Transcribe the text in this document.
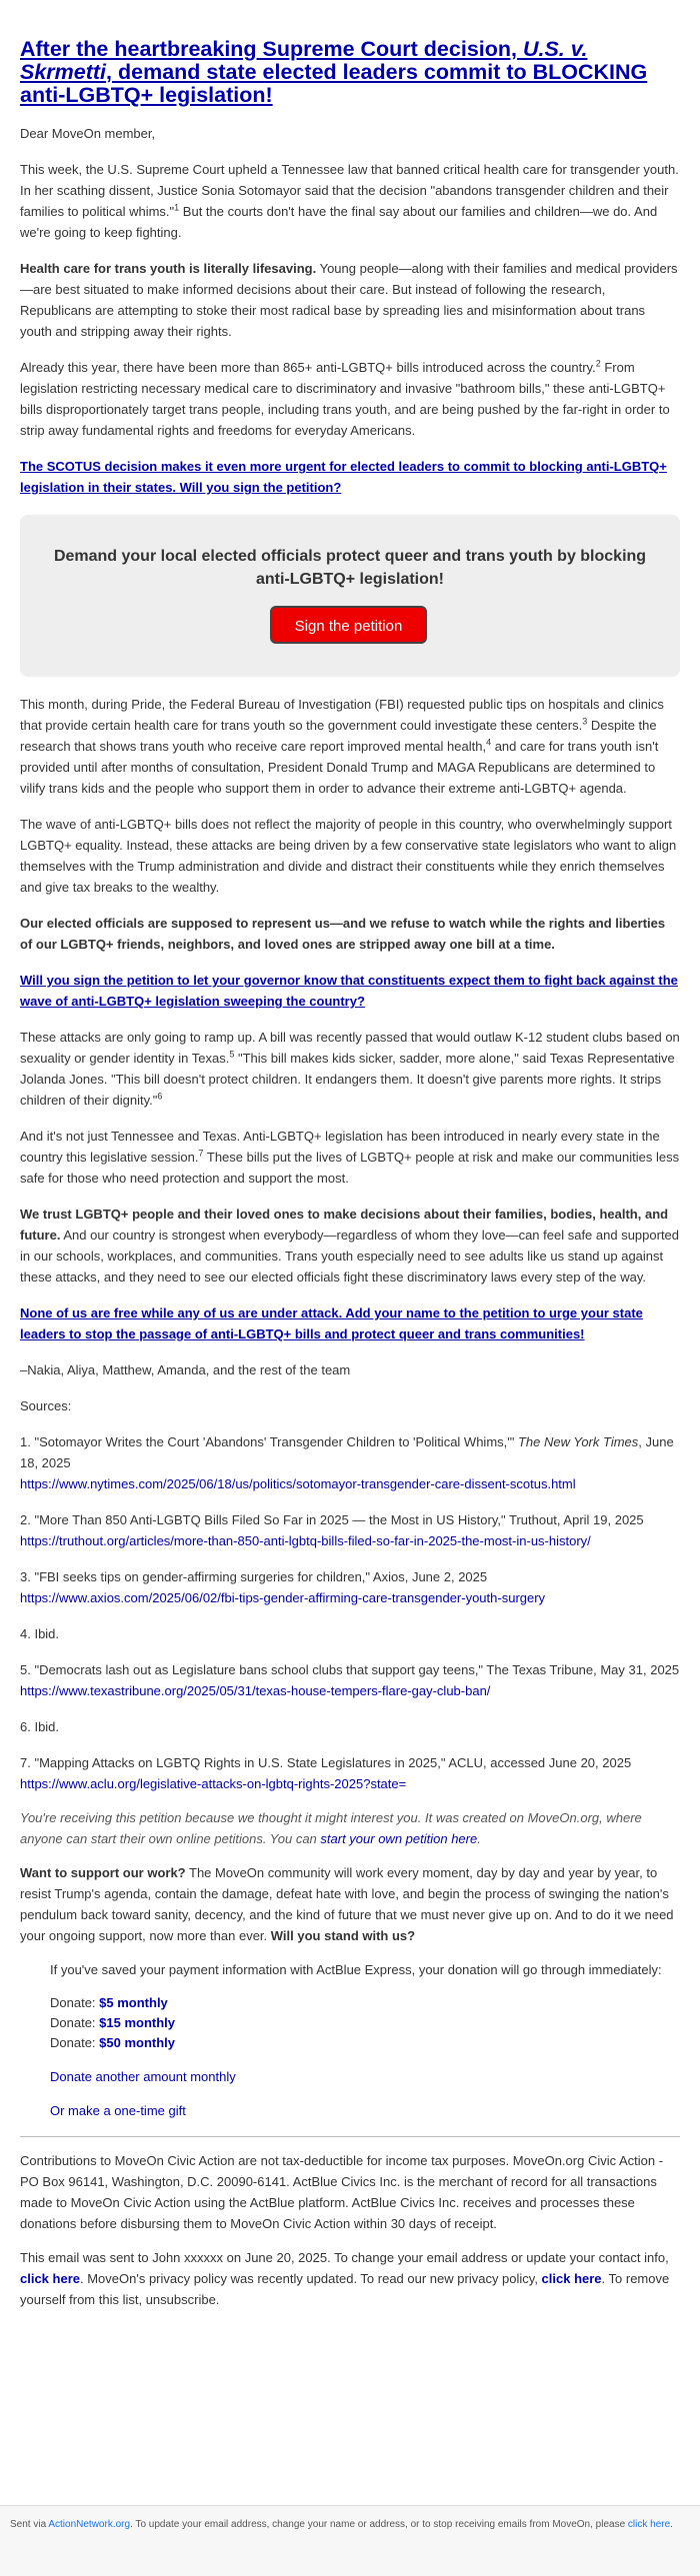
After the heartbreaking Supreme Court decision, U.S. v. Skrmetti, demand state elected leaders commit to BLOCKING anti-LGBTQ+ legislation!

Dear MoveOn member,

This week, the U.S. Supreme Court upheld a Tennessee law that banned critical health care for transgender youth. In her scathing dissent, Justice Sonia Sotomayor said that the decision "abandons transgender children and their families to political whims."$^1$ But the courts don't have the final say about our families and children—we do. And we're going to keep fighting.

Health care for trans youth is literally lifesaving. Young people—along with their families and medical providers—are best situated to make informed decisions about their care. But instead of following the research, Republicans are attempting to stoke their most radical base by spreading lies and misinformation about trans youth and stripping away their rights.

Already this year, there have been more than 865+ anti-LGBTQ+ bills introduced across the country.$^2$ From legislation restricting necessary medical care to discriminatory and invasive "bathroom bills," these anti-LGBTQ+ bills disproportionately target trans people, including trans youth, and are being pushed by the far-right in order to strip away fundamental rights and freedoms for everyday Americans.

The SCOTUS decision makes it even more urgent for elected leaders to commit to blocking anti-LGBTQ+ legislation in their states. Will you sign the petition?

Demand your local elected officials protect queer and trans youth by blocking anti-LGBTQ+ legislation!
Sign the petition

This month, during Pride, the Federal Bureau of Investigation (FBI) requested public tips on hospitals and clinics that provide certain health care for trans youth so the government could investigate these centers.$^3$ Despite the research that shows trans youth who receive care report improved mental health,$^4$ and care for trans youth isn't provided until after months of consultation, President Donald Trump and MAGA Republicans are determined to vilify trans kids and the people who support them in order to advance their extreme anti-LGBTQ+ agenda.

The wave of anti-LGBTQ+ bills does not reflect the majority of people in this country, who overwhelmingly support LGBTQ+ equality. Instead, these attacks are being driven by a few conservative state legislators who want to align themselves with the Trump administration and divide and distract their constituents while they enrich themselves and give tax breaks to the wealthy.

Our elected officials are supposed to represent us—and we refuse to watch while the rights and liberties of our LGBTQ+ friends, neighbors, and loved ones are stripped away one bill at a time.

Will you sign the petition to let your governor know that constituents expect them to fight back against the wave of anti-LGBTQ+ legislation sweeping the country?

These attacks are only going to ramp up. A bill was recently passed that would outlaw K-12 student clubs based on sexuality or gender identity in Texas.$^5$ "This bill makes kids sicker, sadder, more alone," said Texas Representative Jolanda Jones. "This bill doesn't protect children. It endangers them. It doesn't give parents more rights. It strips children of their dignity."$^6$

And it's not just Tennessee and Texas. Anti-LGBTQ+ legislation has been introduced in nearly every state in the country this legislative session.$^7$ These bills put the lives of LGBTQ+ people at risk and make our communities less safe for those who need protection and support the most.

We trust LGBTQ+ people and their loved ones to make decisions about their families, bodies, health, and future. And our country is strongest when everybody—regardless of whom they love—can feel safe and supported in our schools, workplaces, and communities. Trans youth especially need to see adults like us stand up against these attacks, and they need to see our elected officials fight these discriminatory laws every step of the way.

None of us are free while any of us are under attack. Add your name to the petition to urge your state leaders to stop the passage of anti-LGBTQ+ bills and protect queer and trans communities!

–Nakia, Aliya, Matthew, Amanda, and the rest of the team

Sources:

1. "Sotomayor Writes the Court 'Abandons' Transgender Children to 'Political Whims,'" The New York Times, June 18, 2025
https://www.nytimes.com/2025/06/18/us/politics/sotomayor-transgender-care-dissent-scotus.html

2. "More Than 850 Anti-LGBTQ Bills Filed So Far in 2025 — the Most in US History," Truthout, April 19, 2025
https://truthout.org/articles/more-than-850-anti-lgbtq-bills-filed-so-far-in-2025-the-most-in-us-history/

3. "FBI seeks tips on gender-affirming surgeries for children," Axios, June 2, 2025
https://www.axios.com/2025/06/02/fbi-tips-gender-affirming-care-transgender-youth-surgery

4. Ibid.

5. "Democrats lash out as Legislature bans school clubs that support gay teens," The Texas Tribune, May 31, 2025
https://www.texastribune.org/2025/05/31/texas-house-tempers-flare-gay-club-ban/

6. Ibid.

7. "Mapping Attacks on LGBTQ Rights in U.S. State Legislatures in 2025," ACLU, accessed June 20, 2025
https://www.aclu.org/legislative-attacks-on-lgbtq-rights-2025?state=

You're receiving this petition because we thought it might interest you. It was created on MoveOn.org, where anyone can start their own online petitions. You can start your own petition here.

Want to support our work? The MoveOn community will work every moment, day by day and year by year, to resist Trump's agenda, contain the damage, defeat hate with love, and begin the process of swinging the nation's pendulum back toward sanity, decency, and the kind of future that we must never give up on. And to do it we need your ongoing support, now more than ever. Will you stand with us?

If you've saved your payment information with ActBlue Express, your donation will go through immediately:

Donate: $5 monthly

Donate: $15 monthly

Donate: $50 monthly

Donate another amount monthly

Or make a one-time gift

Contributions to MoveOn Civic Action are not tax-deductible for income tax purposes. MoveOn.org Civic Action - PO Box 96141, Washington, D.C. 20090-6141. ActBlue Civics Inc. is the merchant of record for all transactions made to MoveOn Civic Action using the ActBlue platform. ActBlue Civics Inc. receives and processes these donations before disbursing them to MoveOn Civic Action within 30 days of receipt.

This email was sent to John xxxxxx on June 20, 2025. To change your email address or update your contact info, click here. MoveOn's privacy policy was recently updated. To read our new privacy policy, click here. To remove yourself from this list, unsubscribe.

Sent via ActionNetwork.org. To update your email address, change your name or address, or to stop receiving emails from MoveOn, please click here.
